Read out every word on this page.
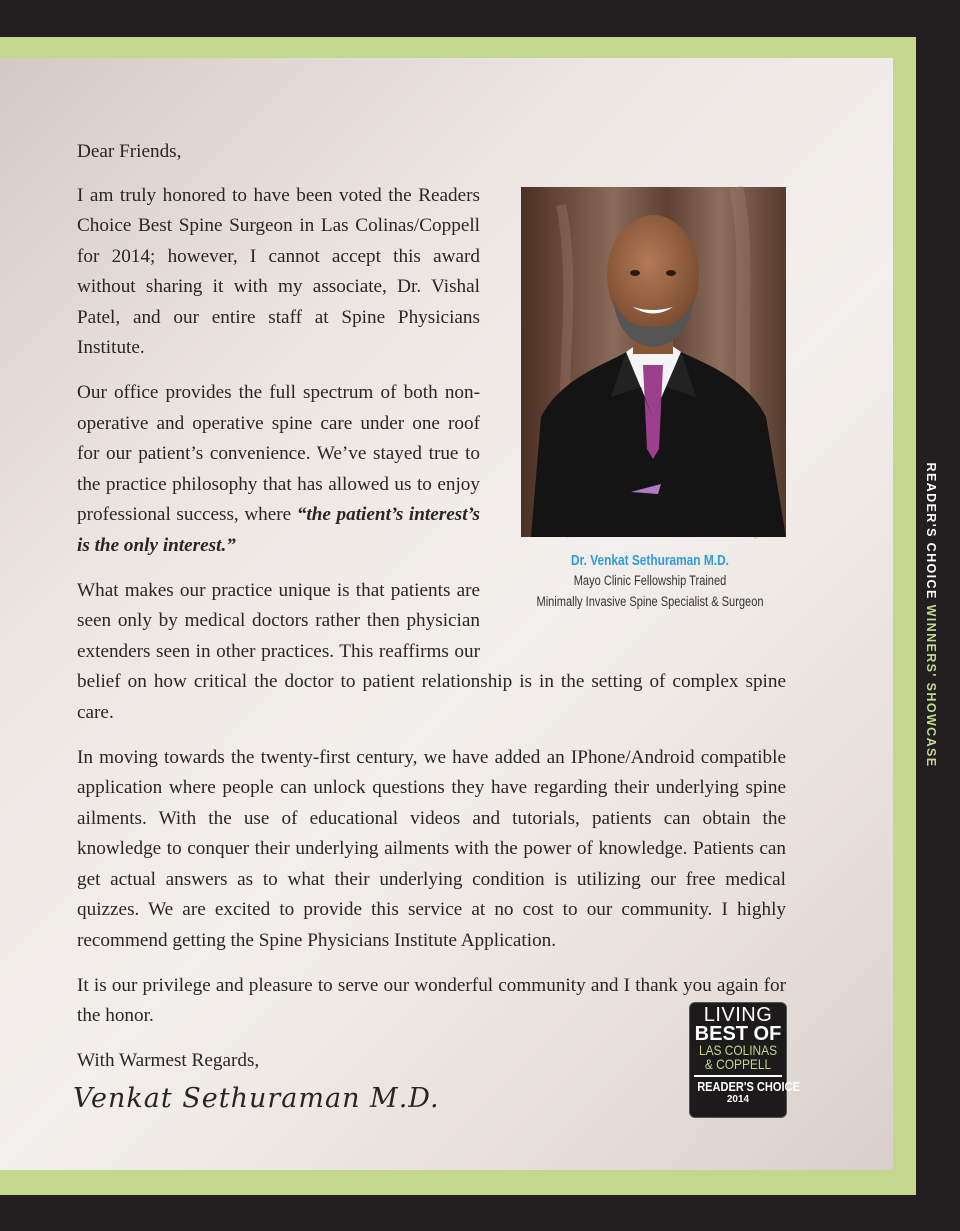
READER'S CHOICE WINNERS' SHOWCASE

Dear Friends,

Dr. Venkat Sethuraman M.D.
Mayo Clinic Fellowship Trained
Minimally Invasive Spine Specialist & Surgeon

I am truly honored to have been voted the Readers Choice Best Spine Surgeon in Las Colinas/Coppell for 2014; however, I cannot accept this award without sharing it with my associate, Dr. Vishal Patel, and our entire staff at Spine Physicians Institute.

Our office provides the full spectrum of both non-operative and operative spine care under one roof for our patient’s convenience. We’ve stayed true to the practice philosophy that has allowed us to enjoy professional success, where “the patient’s interest’s is the only interest.”

What makes our practice unique is that patients are seen only by medical doctors rather then physician extenders seen in other practices. This reaffirms our belief on how critical the doctor to patient relationship is in the setting of complex spine care.

In moving towards the twenty-first century, we have added an IPhone/Android compatible application where people can unlock questions they have regarding their underlying spine ailments. With the use of educational videos and tutorials, patients can obtain the knowledge to conquer their underlying ailments with the power of knowledge. Patients can get actual answers as to what their underlying condition is utilizing our free medical quizzes. We are excited to provide this service at no cost to our community. I highly recommend getting the Spine Physicians Institute Application.

It is our privilege and pleasure to serve our wonderful community and I thank you again for the honor.

With Warmest Regards,

Venkat Sethuraman M.D.
LIVING
BEST OF
LAS COLINAS
& COPPELL
READER'S CHOICE
2014
